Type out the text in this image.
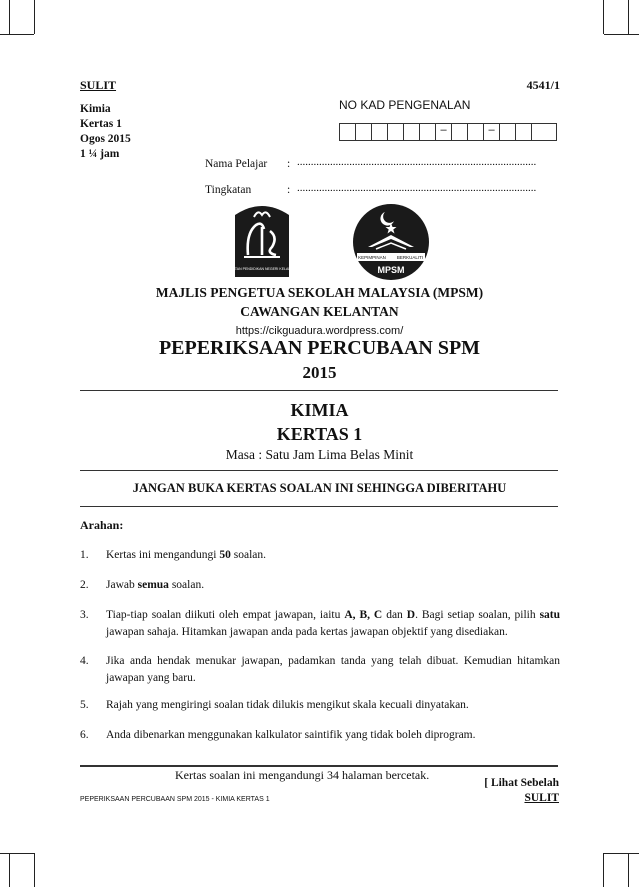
SULIT	4541/1
Kimia
Kertas 1
Ogos 2015
1 ¼ jam
NO KAD PENGENALAN
–	–
Nama Pelajar : .......................................................................................
Tingkatan	: .......................................................................................
JABATAN PENDIDIKAN NEGERI KELANTAN
KEPIMPINAN BERKUALITI
MPSM
MAJLIS PENGETUA SEKOLAH MALAYSIA (MPSM)
CAWANGAN KELANTAN
https://cikguadura.wordpress.com/
PEPERIKSAAN PERCUBAAN SPM
2015
KIMIA
KERTAS 1
Masa : Satu Jam Lima Belas Minit
JANGAN BUKA KERTAS SOALAN INI SEHINGGA DIBERITAHU
Arahan:
1. Kertas ini mengandungi 50 soalan.
2. Jawab semua soalan.
3. Tiap-tiap soalan diikuti oleh empat jawapan, iaitu A, B, C dan D. Bagi setiap soalan, pilih satu jawapan sahaja. Hitamkan jawapan anda pada kertas jawapan objektif yang disediakan.
4. Jika anda hendak menukar jawapan, padamkan tanda yang telah dibuat. Kemudian hitamkan jawapan yang baru.
5. Rajah yang mengiringi soalan tidak dilukis mengikut skala kecuali dinyatakan.
6. Anda dibenarkan menggunakan kalkulator saintifik yang tidak boleh diprogram.
Kertas soalan ini mengandungi 34 halaman bercetak.
[ Lihat Sebelah
SULIT
PEPERIKSAAN PERCUBAAN SPM 2015 - KIMIA KERTAS 1
